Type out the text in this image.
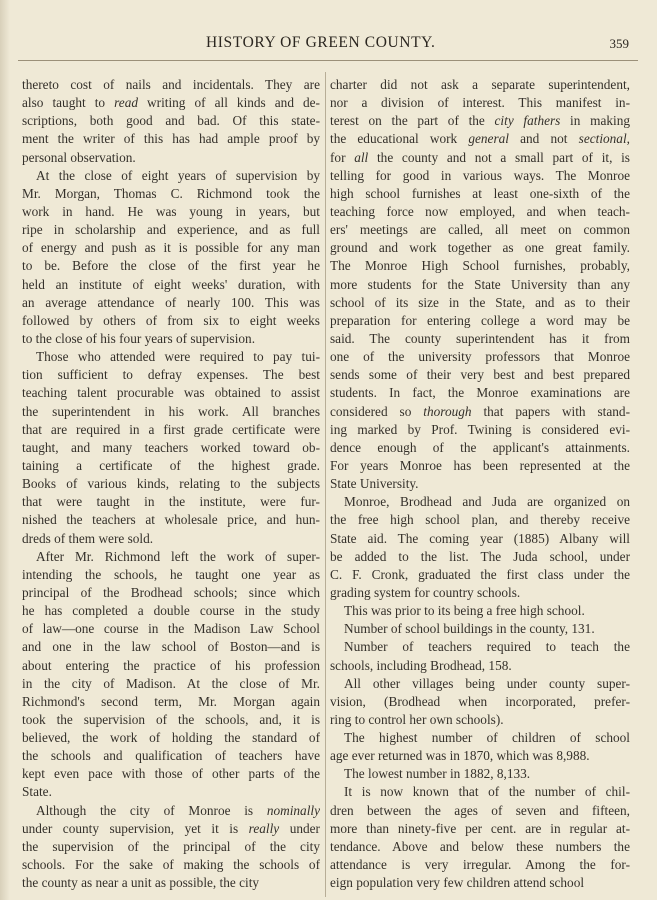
HISTORY OF GREEN COUNTY.	359
thereto cost of nails and incidentals. They are
also taught to read writing of all kinds and de-
scriptions, both good and bad. Of this state-
ment the writer of this has had ample proof by
personal observation.
At the close of eight years of supervision by
Mr. Morgan, Thomas C. Richmond took the
work in hand. He was young in years, but
ripe in scholarship and experience, and as full
of energy and push as it is possible for any man
to be. Before the close of the first year he
held an institute of eight weeks' duration, with
an average attendance of nearly 100. This was
followed by others of from six to eight weeks
to the close of his four years of supervision.
Those who attended were required to pay tui-
tion sufficient to defray expenses. The best
teaching talent procurable was obtained to assist
the superintendent in his work. All branches
that are required in a first grade certificate were
taught, and many teachers worked toward ob-
taining a certificate of the highest grade.
Books of various kinds, relating to the subjects
that were taught in the institute, were fur-
nished the teachers at wholesale price, and hun-
dreds of them were sold.
After Mr. Richmond left the work of super-
intending the schools, he taught one year as
principal of the Brodhead schools; since which
he has completed a double course in the study
of law—one course in the Madison Law School
and one in the law school of Boston—and is
about entering the practice of his profession
in the city of Madison. At the close of Mr.
Richmond's second term, Mr. Morgan again
took the supervision of the schools, and, it is
believed, the work of holding the standard of
the schools and qualification of teachers have
kept even pace with those of other parts of the
State.
Although the city of Monroe is nominally
under county supervision, yet it is really under
the supervision of the principal of the city
schools. For the sake of making the schools of
the county as near a unit as possible, the city
charter did not ask a separate superintendent,
nor a division of interest. This manifest in-
terest on the part of the city fathers in making
the educational work general and not sectional,
for all the county and not a small part of it, is
telling for good in various ways. The Monroe
high school furnishes at least one-sixth of the
teaching force now employed, and when teach-
ers' meetings are called, all meet on common
ground and work together as one great family.
The Monroe High School furnishes, probably,
more students for the State University than any
school of its size in the State, and as to their
preparation for entering college a word may be
said. The county superintendent has it from
one of the university professors that Monroe
sends some of their very best and best prepared
students. In fact, the Monroe examinations are
considered so thorough that papers with stand-
ing marked by Prof. Twining is considered evi-
dence enough of the applicant's attainments.
For years Monroe has been represented at the
State University.
Monroe, Brodhead and Juda are organized on
the free high school plan, and thereby receive
State aid. The coming year (1885) Albany will
be added to the list. The Juda school, under
C. F. Cronk, graduated the first class under the
grading system for country schools.
This was prior to its being a free high school.
Number of school buildings in the county, 131.
Number of teachers required to teach the
schools, including Brodhead, 158.
All other villages being under county super-
vision, (Brodhead when incorporated, prefer-
ring to control her own schools).
The highest number of children of school
age ever returned was in 1870, which was 8,988.
The lowest number in 1882, 8,133.
It is now known that of the number of chil-
dren between the ages of seven and fifteen,
more than ninety-five per cent. are in regular at-
tendance. Above and below these numbers the
attendance is very irregular. Among the for-
eign population very few children attend school
